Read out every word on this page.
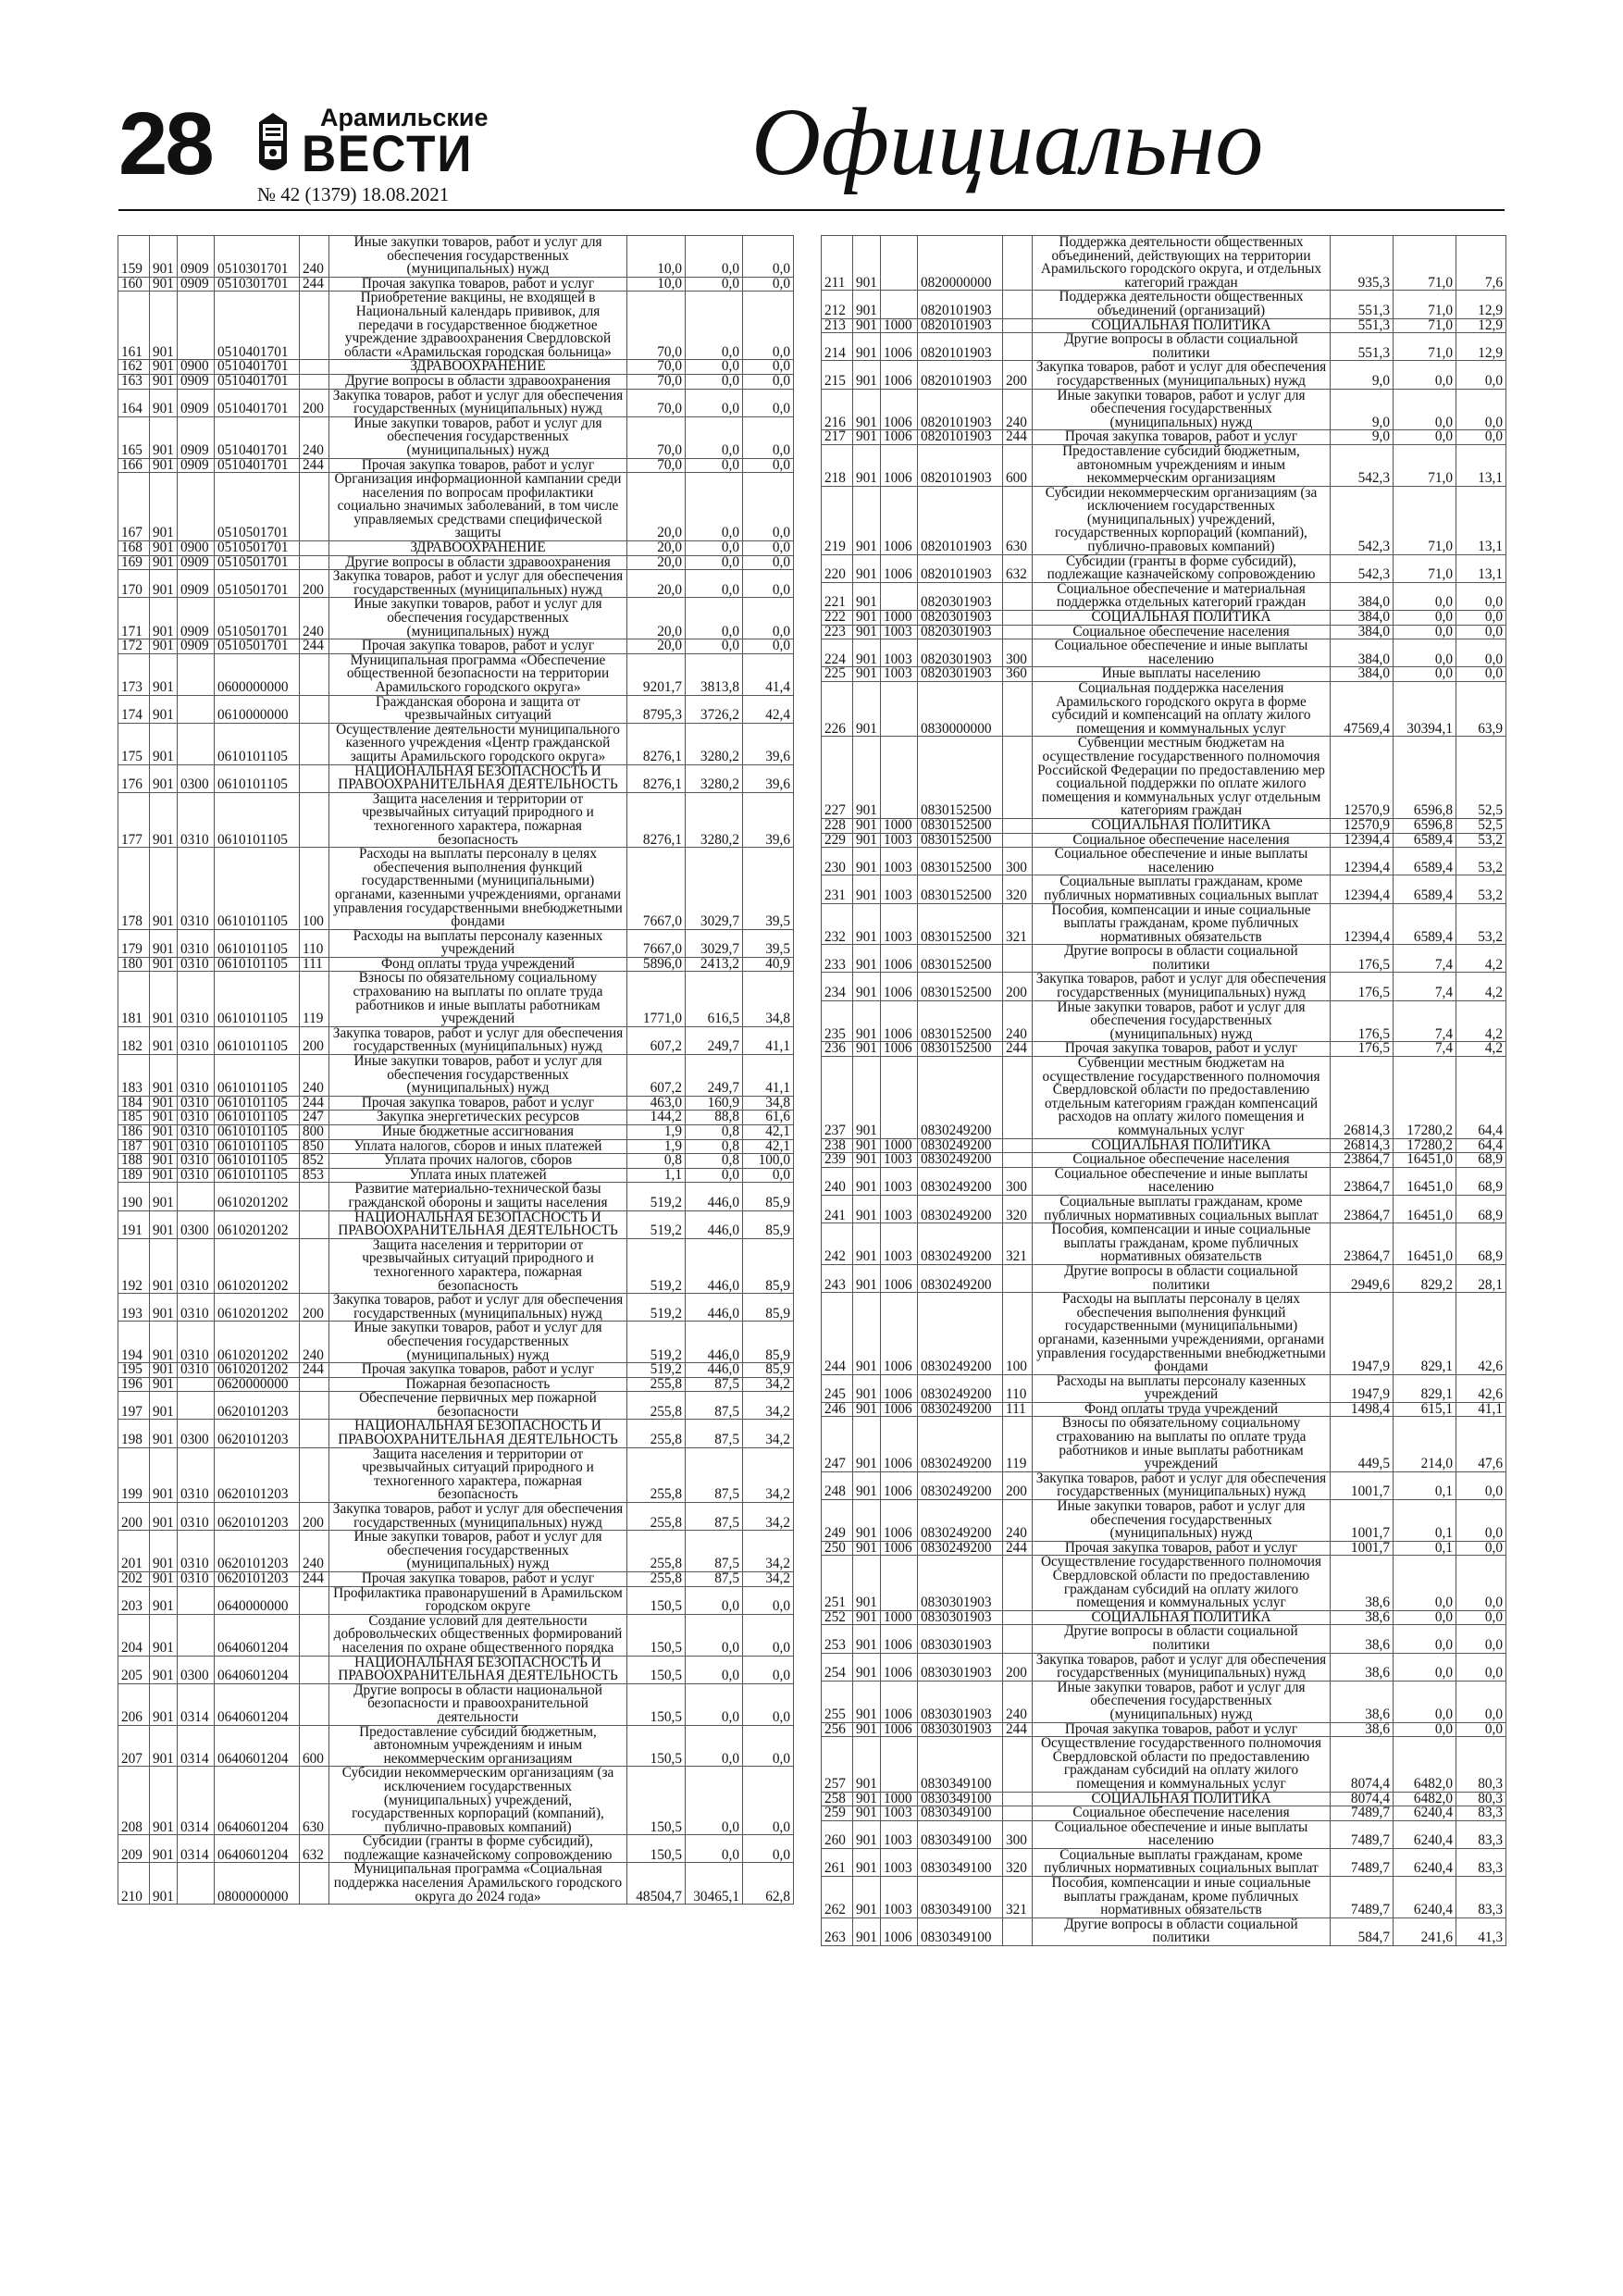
28	Арамильские
ВЕСТИ
№ 42 (1379) 18.08.2021	Официально
159	901	0909	0510301701	240	Иные закупки товаров, работ и услуг для обеспечения государственных (муниципальных) нужд	10,0	0,0	0,0
160	901	0909	0510301701	244	Прочая закупка товаров, работ и услуг	10,0	0,0	0,0
161	901		0510401701		Приобретение вакцины, не входящей в Национальный календарь прививок, для передачи в государственное бюджетное учреждение здравоохранения Свердловской области «Арамильская городская больница»	70,0	0,0	0,0
162	901	0900	0510401701		ЗДРАВООХРАНЕНИЕ	70,0	0,0	0,0
163	901	0909	0510401701		Другие вопросы в области здравоохранения	70,0	0,0	0,0
164	901	0909	0510401701	200	Закупка товаров, работ и услуг для обеспечения государственных (муниципальных) нужд	70,0	0,0	0,0
165	901	0909	0510401701	240	Иные закупки товаров, работ и услуг для обеспечения государственных (муниципальных) нужд	70,0	0,0	0,0
166	901	0909	0510401701	244	Прочая закупка товаров, работ и услуг	70,0	0,0	0,0
167	901		0510501701		Организация информационной кампании среди населения по вопросам профилактики социально значимых заболеваний, в том числе управляемых средствами специфической защиты	20,0	0,0	0,0
168	901	0900	0510501701		ЗДРАВООХРАНЕНИЕ	20,0	0,0	0,0
169	901	0909	0510501701		Другие вопросы в области здравоохранения	20,0	0,0	0,0
170	901	0909	0510501701	200	Закупка товаров, работ и услуг для обеспечения государственных (муниципальных) нужд	20,0	0,0	0,0
171	901	0909	0510501701	240	Иные закупки товаров, работ и услуг для обеспечения государственных (муниципальных) нужд	20,0	0,0	0,0
172	901	0909	0510501701	244	Прочая закупка товаров, работ и услуг	20,0	0,0	0,0
173	901		0600000000		Муниципальная программа «Обеспечение общественной безопасности на территории Арамильского городского округа»	9201,7	3813,8	41,4
174	901		0610000000		Гражданская оборона и защита от чрезвычайных ситуаций	8795,3	3726,2	42,4
175	901		0610101105		Осуществление деятельности муниципального казенного учреждения «Центр гражданской защиты Арамильского городского округа»	8276,1	3280,2	39,6
176	901	0300	0610101105		НАЦИОНАЛЬНАЯ БЕЗОПАСНОСТЬ И ПРАВООХРАНИТЕЛЬНАЯ ДЕЯТЕЛЬНОСТЬ	8276,1	3280,2	39,6
177	901	0310	0610101105		Защита населения и территории от чрезвычайных ситуаций природного и техногенного характера, пожарная безопасность	8276,1	3280,2	39,6
178	901	0310	0610101105	100	Расходы на выплаты персоналу в целях обеспечения выполнения функций государственными (муниципальными) органами, казенными учреждениями, органами управления государственными внебюджетными фондами	7667,0	3029,7	39,5
179	901	0310	0610101105	110	Расходы на выплаты персоналу казенных учреждений	7667,0	3029,7	39,5
180	901	0310	0610101105	111	Фонд оплаты труда учреждений	5896,0	2413,2	40,9
181	901	0310	0610101105	119	Взносы по обязательному социальному страхованию на выплаты по оплате труда работников и иные выплаты работникам учреждений	1771,0	616,5	34,8
182	901	0310	0610101105	200	Закупка товаров, работ и услуг для обеспечения государственных (муниципальных) нужд	607,2	249,7	41,1
183	901	0310	0610101105	240	Иные закупки товаров, работ и услуг для обеспечения государственных (муниципальных) нужд	607,2	249,7	41,1
184	901	0310	0610101105	244	Прочая закупка товаров, работ и услуг	463,0	160,9	34,8
185	901	0310	0610101105	247	Закупка энергетических ресурсов	144,2	88,8	61,6
186	901	0310	0610101105	800	Иные бюджетные ассигнования	1,9	0,8	42,1
187	901	0310	0610101105	850	Уплата налогов, сборов и иных платежей	1,9	0,8	42,1
188	901	0310	0610101105	852	Уплата прочих налогов, сборов	0,8	0,8	100,0
189	901	0310	0610101105	853	Уплата иных платежей	1,1	0,0	0,0
190	901		0610201202		Развитие материально-технической базы гражданской обороны и защиты населения	519,2	446,0	85,9
191	901	0300	0610201202		НАЦИОНАЛЬНАЯ БЕЗОПАСНОСТЬ И ПРАВООХРАНИТЕЛЬНАЯ ДЕЯТЕЛЬНОСТЬ	519,2	446,0	85,9
192	901	0310	0610201202		Защита населения и территории от чрезвычайных ситуаций природного и техногенного характера, пожарная безопасность	519,2	446,0	85,9
193	901	0310	0610201202	200	Закупка товаров, работ и услуг для обеспечения государственных (муниципальных) нужд	519,2	446,0	85,9
194	901	0310	0610201202	240	Иные закупки товаров, работ и услуг для обеспечения государственных (муниципальных) нужд	519,2	446,0	85,9
195	901	0310	0610201202	244	Прочая закупка товаров, работ и услуг	519,2	446,0	85,9
196	901		0620000000		Пожарная безопасность	255,8	87,5	34,2
197	901		0620101203		Обеспечение первичных мер пожарной безопасности	255,8	87,5	34,2
198	901	0300	0620101203		НАЦИОНАЛЬНАЯ БЕЗОПАСНОСТЬ И ПРАВООХРАНИТЕЛЬНАЯ ДЕЯТЕЛЬНОСТЬ	255,8	87,5	34,2
199	901	0310	0620101203		Защита населения и территории от чрезвычайных ситуаций природного и техногенного характера, пожарная безопасность	255,8	87,5	34,2
200	901	0310	0620101203	200	Закупка товаров, работ и услуг для обеспечения государственных (муниципальных) нужд	255,8	87,5	34,2
201	901	0310	0620101203	240	Иные закупки товаров, работ и услуг для обеспечения государственных (муниципальных) нужд	255,8	87,5	34,2
202	901	0310	0620101203	244	Прочая закупка товаров, работ и услуг	255,8	87,5	34,2
203	901		0640000000		Профилактика правонарушений в Арамильском городском округе	150,5	0,0	0,0
204	901		0640601204		Создание условий для деятельности добровольческих общественных формирований населения по охране общественного порядка	150,5	0,0	0,0
205	901	0300	0640601204		НАЦИОНАЛЬНАЯ БЕЗОПАСНОСТЬ И ПРАВООХРАНИТЕЛЬНАЯ ДЕЯТЕЛЬНОСТЬ	150,5	0,0	0,0
206	901	0314	0640601204		Другие вопросы в области национальной безопасности и правоохранительной деятельности	150,5	0,0	0,0
207	901	0314	0640601204	600	Предоставление субсидий бюджетным, автономным учреждениям и иным некоммерческим организациям	150,5	0,0	0,0
208	901	0314	0640601204	630	Субсидии некоммерческим организациям (за исключением государственных (муниципальных) учреждений, государственных корпораций (компаний), публично-правовых компаний)	150,5	0,0	0,0
209	901	0314	0640601204	632	Субсидии (гранты в форме субсидий), подлежащие казначейскому сопровождению	150,5	0,0	0,0
210	901		0800000000		Муниципальная программа «Социальная поддержка населения Арамильского городского округа до 2024 года»	48504,7	30465,1	62,8
211	901		0820000000		Поддержка деятельности общественных объединений, действующих на территории Арамильского городского округа, и отдельных категорий граждан	935,3	71,0	7,6
212	901		0820101903		Поддержка деятельности общественных объединений (организаций)	551,3	71,0	12,9
213	901	1000	0820101903		СОЦИАЛЬНАЯ ПОЛИТИКА	551,3	71,0	12,9
214	901	1006	0820101903		Другие вопросы в области социальной политики	551,3	71,0	12,9
215	901	1006	0820101903	200	Закупка товаров, работ и услуг для обеспечения государственных (муниципальных) нужд	9,0	0,0	0,0
216	901	1006	0820101903	240	Иные закупки товаров, работ и услуг для обеспечения государственных (муниципальных) нужд	9,0	0,0	0,0
217	901	1006	0820101903	244	Прочая закупка товаров, работ и услуг	9,0	0,0	0,0
218	901	1006	0820101903	600	Предоставление субсидий бюджетным, автономным учреждениям и иным некоммерческим организациям	542,3	71,0	13,1
219	901	1006	0820101903	630	Субсидии некоммерческим организациям (за исключением государственных (муниципальных) учреждений, государственных корпораций (компаний), публично-правовых компаний)	542,3	71,0	13,1
220	901	1006	0820101903	632	Субсидии (гранты в форме субсидий), подлежащие казначейскому сопровождению	542,3	71,0	13,1
221	901		0820301903		Социальное обеспечение и материальная поддержка отдельных категорий граждан	384,0	0,0	0,0
222	901	1000	0820301903		СОЦИАЛЬНАЯ ПОЛИТИКА	384,0	0,0	0,0
223	901	1003	0820301903		Социальное обеспечение населения	384,0	0,0	0,0
224	901	1003	0820301903	300	Социальное обеспечение и иные выплаты населению	384,0	0,0	0,0
225	901	1003	0820301903	360	Иные выплаты населению	384,0	0,0	0,0
226	901		0830000000		Социальная поддержка населения Арамильского городского округа в форме субсидий и компенсаций на оплату жилого помещения и коммунальных услуг	47569,4	30394,1	63,9
227	901		0830152500		Субвенции местным бюджетам на осуществление государственного полномочия Российской Федерации по предоставлению мер социальной поддержки по оплате жилого помещения и коммунальных услуг отдельным категориям граждан	12570,9	6596,8	52,5
228	901	1000	0830152500		СОЦИАЛЬНАЯ ПОЛИТИКА	12570,9	6596,8	52,5
229	901	1003	0830152500		Социальное обеспечение населения	12394,4	6589,4	53,2
230	901	1003	0830152500	300	Социальное обеспечение и иные выплаты населению	12394,4	6589,4	53,2
231	901	1003	0830152500	320	Социальные выплаты гражданам, кроме публичных нормативных социальных выплат	12394,4	6589,4	53,2
232	901	1003	0830152500	321	Пособия, компенсации и иные социальные выплаты гражданам, кроме публичных нормативных обязательств	12394,4	6589,4	53,2
233	901	1006	0830152500		Другие вопросы в области социальной политики	176,5	7,4	4,2
234	901	1006	0830152500	200	Закупка товаров, работ и услуг для обеспечения государственных (муниципальных) нужд	176,5	7,4	4,2
235	901	1006	0830152500	240	Иные закупки товаров, работ и услуг для обеспечения государственных (муниципальных) нужд	176,5	7,4	4,2
236	901	1006	0830152500	244	Прочая закупка товаров, работ и услуг	176,5	7,4	4,2
237	901		0830249200		Субвенции местным бюджетам на осуществление государственного полномочия Свердловской области по предоставлению отдельным категориям граждан компенсаций расходов на оплату жилого помещения и коммунальных услуг	26814,3	17280,2	64,4
238	901	1000	0830249200		СОЦИАЛЬНАЯ ПОЛИТИКА	26814,3	17280,2	64,4
239	901	1003	0830249200		Социальное обеспечение населения	23864,7	16451,0	68,9
240	901	1003	0830249200	300	Социальное обеспечение и иные выплаты населению	23864,7	16451,0	68,9
241	901	1003	0830249200	320	Социальные выплаты гражданам, кроме публичных нормативных социальных выплат	23864,7	16451,0	68,9
242	901	1003	0830249200	321	Пособия, компенсации и иные социальные выплаты гражданам, кроме публичных нормативных обязательств	23864,7	16451,0	68,9
243	901	1006	0830249200		Другие вопросы в области социальной политики	2949,6	829,2	28,1
244	901	1006	0830249200	100	Расходы на выплаты персоналу в целях обеспечения выполнения функций государственными (муниципальными) органами, казенными учреждениями, органами управления государственными внебюджетными фондами	1947,9	829,1	42,6
245	901	1006	0830249200	110	Расходы на выплаты персоналу казенных учреждений	1947,9	829,1	42,6
246	901	1006	0830249200	111	Фонд оплаты труда учреждений	1498,4	615,1	41,1
247	901	1006	0830249200	119	Взносы по обязательному социальному страхованию на выплаты по оплате труда работников и иные выплаты работникам учреждений	449,5	214,0	47,6
248	901	1006	0830249200	200	Закупка товаров, работ и услуг для обеспечения государственных (муниципальных) нужд	1001,7	0,1	0,0
249	901	1006	0830249200	240	Иные закупки товаров, работ и услуг для обеспечения государственных (муниципальных) нужд	1001,7	0,1	0,0
250	901	1006	0830249200	244	Прочая закупка товаров, работ и услуг	1001,7	0,1	0,0
251	901		0830301903		Осуществление государственного полномочия Свердловской области по предоставлению гражданам субсидий на оплату жилого помещения и коммунальных услуг	38,6	0,0	0,0
252	901	1000	0830301903		СОЦИАЛЬНАЯ ПОЛИТИКА	38,6	0,0	0,0
253	901	1006	0830301903		Другие вопросы в области социальной политики	38,6	0,0	0,0
254	901	1006	0830301903	200	Закупка товаров, работ и услуг для обеспечения государственных (муниципальных) нужд	38,6	0,0	0,0
255	901	1006	0830301903	240	Иные закупки товаров, работ и услуг для обеспечения государственных (муниципальных) нужд	38,6	0,0	0,0
256	901	1006	0830301903	244	Прочая закупка товаров, работ и услуг	38,6	0,0	0,0
257	901		0830349100		Осуществление государственного полномочия Свердловской области по предоставлению гражданам субсидий на оплату жилого помещения и коммунальных услуг	8074,4	6482,0	80,3
258	901	1000	0830349100		СОЦИАЛЬНАЯ ПОЛИТИКА	8074,4	6482,0	80,3
259	901	1003	0830349100		Социальное обеспечение населения	7489,7	6240,4	83,3
260	901	1003	0830349100	300	Социальное обеспечение и иные выплаты населению	7489,7	6240,4	83,3
261	901	1003	0830349100	320	Социальные выплаты гражданам, кроме публичных нормативных социальных выплат	7489,7	6240,4	83,3
262	901	1003	0830349100	321	Пособия, компенсации и иные социальные выплаты гражданам, кроме публичных нормативных обязательств	7489,7	6240,4	83,3
263	901	1006	0830349100		Другие вопросы в области социальной политики	584,7	241,6	41,3
